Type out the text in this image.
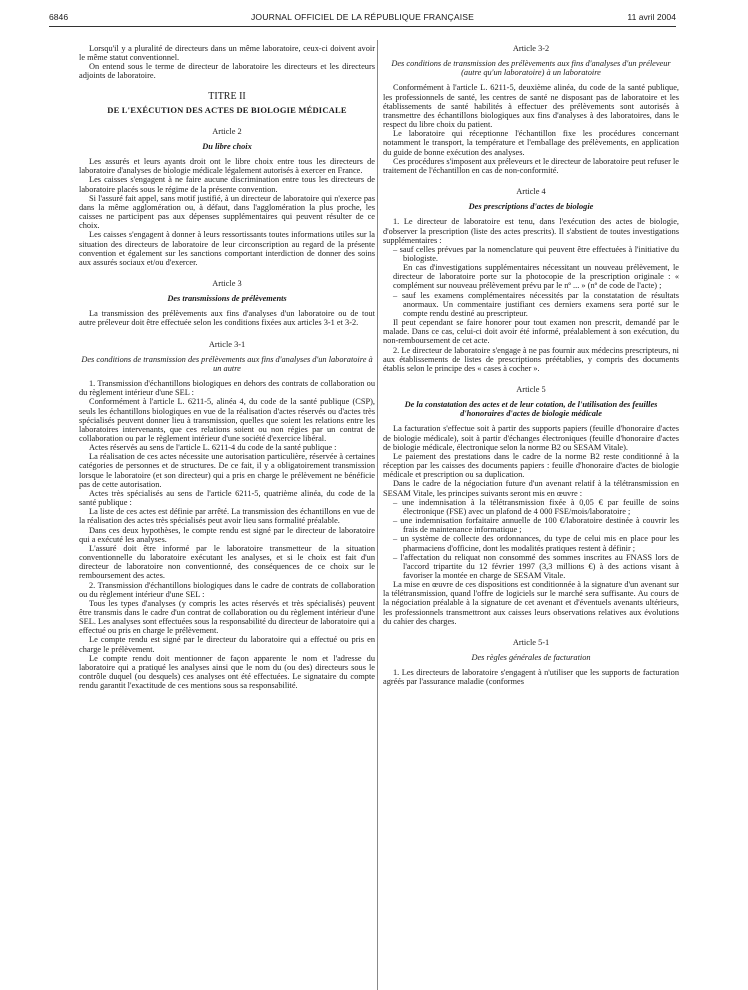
6846	JOURNAL OFFICIEL DE LA RÉPUBLIQUE FRANÇAISE	11 avril 2004

Lorsqu'il y a pluralité de directeurs dans un même laboratoire, ceux-ci doivent avoir le même statut conventionnel.

On entend sous le terme de directeur de laboratoire les directeurs et les directeurs adjoints de laboratoire.

TITRE II

DE L'EXÉCUTION DES ACTES DE BIOLOGIE MÉDICALE

Article 2

Du libre choix

Les assurés et leurs ayants droit ont le libre choix entre tous les directeurs de laboratoire d'analyses de biologie médicale légalement autorisés à exercer en France.

Les caisses s'engagent à ne faire aucune discrimination entre tous les directeurs de laboratoire placés sous le régime de la présente convention.

Si l'assuré fait appel, sans motif justifié, à un directeur de laboratoire qui n'exerce pas dans la même agglomération ou, à défaut, dans l'agglomération la plus proche, les caisses ne participent pas aux dépenses supplémentaires qui peuvent résulter de ce choix.

Les caisses s'engagent à donner à leurs ressortissants toutes informations utiles sur la situation des directeurs de laboratoire de leur circonscription au regard de la présente convention et également sur les sanctions comportant interdiction de donner des soins aux assurés sociaux et/ou d'exercer.

Article 3

Des transmissions de prélèvements

La transmission des prélèvements aux fins d'analyses d'un laboratoire ou de tout autre préleveur doit être effectuée selon les conditions fixées aux articles 3-1 et 3-2.

Article 3-1

Des conditions de transmission des prélèvements aux fins d'analyses d'un laboratoire à un autre

1. Transmission d'échantillons biologiques en dehors des contrats de collaboration ou du règlement intérieur d'une SEL :

Conformément à l'article L. 6211-5, alinéa 4, du code de la santé publique (CSP), seuls les échantillons biologiques en vue de la réalisation d'actes réservés ou d'actes très spécialisés peuvent donner lieu à transmission, quelles que soient les relations entre les laboratoires intervenants, que ces relations soient ou non régies par un contrat de collaboration ou par le règlement intérieur d'une société d'exercice libéral.

Actes réservés au sens de l'article L. 6211-4 du code de la santé publique :

La réalisation de ces actes nécessite une autorisation particulière, réservée à certaines catégories de personnes et de structures. De ce fait, il y a obligatoirement transmission lorsque le laboratoire (et son directeur) qui a pris en charge le prélèvement ne bénéficie pas de cette autorisation.

Actes très spécialisés au sens de l'article 6211-5, quatrième alinéa, du code de la santé publique :

La liste de ces actes est définie par arrêté. La transmission des échantillons en vue de la réalisation des actes très spécialisés peut avoir lieu sans formalité préalable.

Dans ces deux hypothèses, le compte rendu est signé par le directeur de laboratoire qui a exécuté les analyses.

L'assuré doit être informé par le laboratoire transmetteur de la situation conventionnelle du laboratoire exécutant les analyses, et si le choix est fait d'un directeur de laboratoire non conventionné, des conséquences de ce choix sur le remboursement des actes.

2. Transmission d'échantillons biologiques dans le cadre de contrats de collaboration ou du règlement intérieur d'une SEL :

Tous les types d'analyses (y compris les actes réservés et très spécialisés) peuvent être transmis dans le cadre d'un contrat de collaboration ou du règlement intérieur d'une SEL. Les analyses sont effectuées sous la responsabilité du directeur de laboratoire qui a effectué ou pris en charge le prélèvement.

Le compte rendu est signé par le directeur du laboratoire qui a effectué ou pris en charge le prélèvement.

Le compte rendu doit mentionner de façon apparente le nom et l'adresse du laboratoire qui a pratiqué les analyses ainsi que le nom du (ou des) directeurs sous le contrôle duquel (ou desquels) ces analyses ont été effectuées. Le signataire du compte rendu garantit l'exactitude de ces mentions sous sa responsabilité.

Article 3-2

Des conditions de transmission des prélèvements aux fins d'analyses d'un préleveur (autre qu'un laboratoire) à un laboratoire

Conformément à l'article L. 6211-5, deuxième alinéa, du code de la santé publique, les professionnels de santé, les centres de santé ne disposant pas de laboratoire et les établissements de santé habilités à effectuer des prélèvements sont autorisés à transmettre des échantillons biologiques aux fins d'analyses à des laboratoires, dans le respect du libre choix du patient.

Le laboratoire qui réceptionne l'échantillon fixe les procédures concernant notamment le transport, la température et l'emballage des prélèvements, en application du guide de bonne exécution des analyses.

Ces procédures s'imposent aux préleveurs et le directeur de laboratoire peut refuser le traitement de l'échantillon en cas de non-conformité.

Article 4

Des prescriptions d'actes de biologie

1. Le directeur de laboratoire est tenu, dans l'exécution des actes de biologie, d'observer la prescription (liste des actes prescrits). Il s'abstient de toutes investigations supplémentaires :

– sauf celles prévues par la nomenclature qui peuvent être effectuées à l'initiative du biologiste.

En cas d'investigations supplémentaires nécessitant un nouveau prélèvement, le directeur de laboratoire porte sur la photocopie de la prescription originale : « complément sur nouveau prélèvement prévu par le nº ... » (nº de code de l'acte) ;

– sauf les examens complémentaires nécessités par la constatation de résultats anormaux. Un commentaire justifiant ces derniers examens sera porté sur le compte rendu destiné au prescripteur.

Il peut cependant se faire honorer pour tout examen non prescrit, demandé par le malade. Dans ce cas, celui-ci doit avoir été informé, préalablement à son exécution, du non-remboursement de cet acte.

2. Le directeur de laboratoire s'engage à ne pas fournir aux médecins prescripteurs, ni aux établissements de listes de prescriptions préétablies, y compris des documents établis selon le principe des « cases à cocher ».

Article 5

De la constatation des actes et de leur cotation, de l'utilisation des feuilles d'honoraires d'actes de biologie médicale

La facturation s'effectue soit à partir des supports papiers (feuille d'honoraire d'actes de biologie médicale), soit à partir d'échanges électroniques (feuille d'honoraire d'actes de biologie médicale, électronique selon la norme B2 ou SESAM Vitale).

Le paiement des prestations dans le cadre de la norme B2 reste conditionné à la réception par les caisses des documents papiers : feuille d'honoraire d'actes de biologie médicale et prescription ou sa duplication.

Dans le cadre de la négociation future d'un avenant relatif à la télétransmission en SESAM Vitale, les principes suivants seront mis en œuvre :

– une indemnisation à la télétransmission fixée à 0,05 € par feuille de soins électronique (FSE) avec un plafond de 4 000 FSE/mois/laboratoire ;

– une indemnisation forfaitaire annuelle de 100 €/laboratoire destinée à couvrir les frais de maintenance informatique ;

– un système de collecte des ordonnances, du type de celui mis en place pour les pharmaciens d'officine, dont les modalités pratiques restent à définir ;

– l'affectation du reliquat non consommé des sommes inscrites au FNASS lors de l'accord tripartite du 12 février 1997 (3,3 millions €) à des actions visant à favoriser la montée en charge de SESAM Vitale.

La mise en œuvre de ces dispositions est conditionnée à la signature d'un avenant sur la télétransmission, quand l'offre de logiciels sur le marché sera suffisante. Au cours de la négociation préalable à la signature de cet avenant et d'éventuels avenants ultérieurs, les professionnels transmettront aux caisses leurs observations relatives aux évolutions du cahier des charges.

Article 5-1

Des règles générales de facturation

1. Les directeurs de laboratoire s'engagent à n'utiliser que les supports de facturation agréés par l'assurance maladie (conformes
